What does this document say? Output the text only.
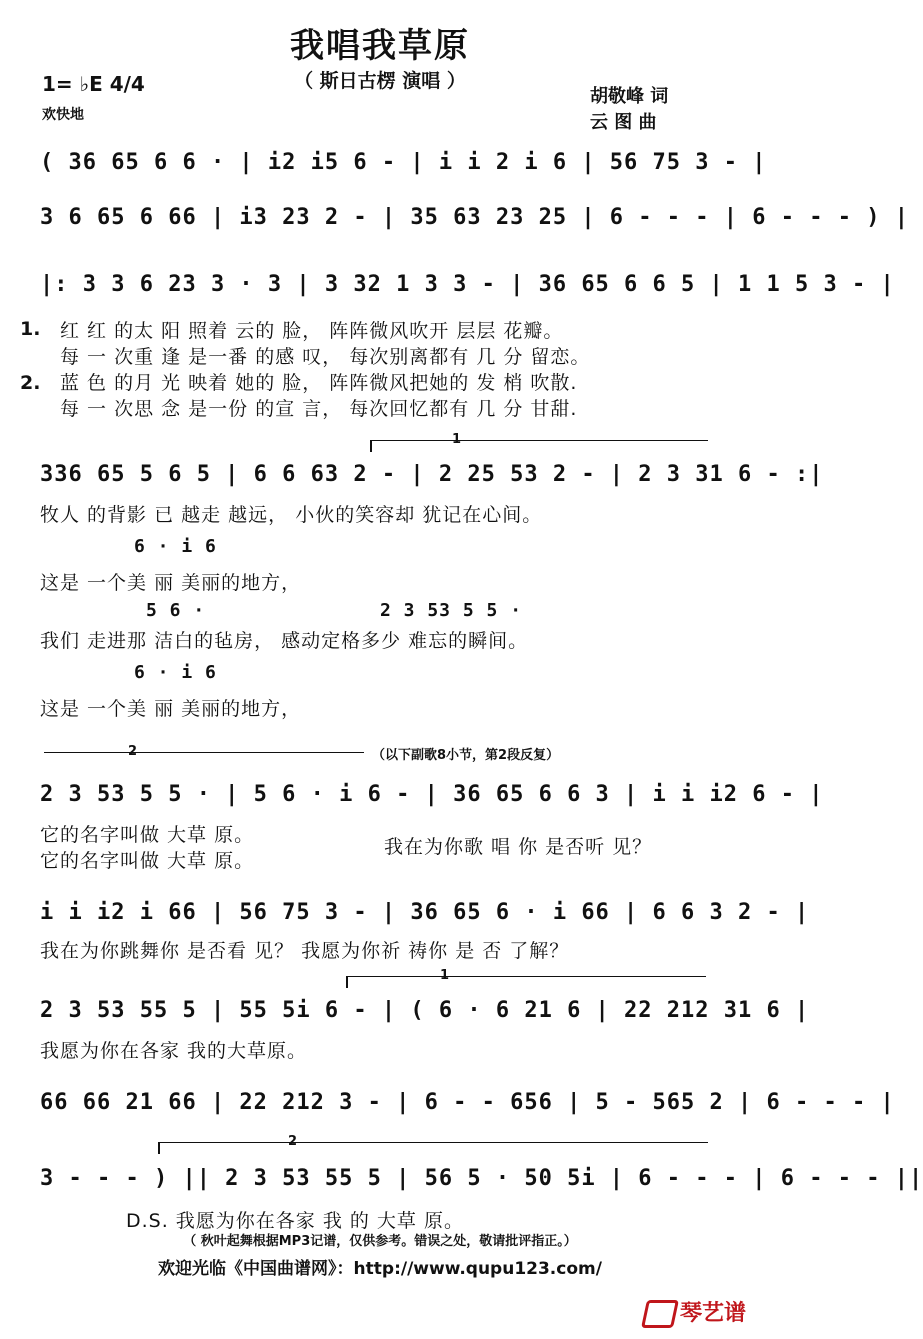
我唱我草原
（ 斯日古楞 演唱 ）
1= ♭E 4/4
欢快地
胡敬峰 词
云 图 曲
( 36 65 6 6 · | i2 i5 6 - | i i 2 i 6 | 56 75 3 - |
3 6 65 6 66 | i3 23 2 - | 35 63 23 25 | 6 - - - | 6 - - - ) |
|: 3 3 6 23 3 · 3 | 3 32 1 3 3 - | 36 65 6 6 5 | 1 1 5 3 - |
1.
2.
红 红 的太 阳 照着 云的 脸， 阵阵微风吹开 层层 花瓣。
每 一 次重 逢 是一番 的感 叹， 每次别离都有 几 分 留恋。
蓝 色 的月 光 映着 她的 脸， 阵阵微风把她的 发 梢 吹散.
每 一 次思 念 是一份 的宣 言， 每次回忆都有 几 分 甘甜.
1
336 65 5 6 5 | 6 6 63 2 - | 2 25 53 2 - | 2 3 31 6 - :|
牧人 的背影 已 越走 越远， 小伙的笑容却 犹记在心间。
6 · i 6
这是 一个美 丽 美丽的地方，
5 6 ·	2 3 53 5 5 ·
我们 走进那 洁白的毡房， 感动定格多少 难忘的瞬间。
6 · i 6
这是 一个美 丽 美丽的地方，
2	（以下副歌8小节，第2段反复）
2 3 53 5 5 · | 5 6 · i 6 - | 36 65 6 6 3 | i i i2 6 - |
它的名字叫做 大草 原。
它的名字叫做 大草 原。
我在为你歌 唱 你 是否听 见？
i i i2 i 66 | 56 75 3 - | 36 65 6 · i 66 | 6 6 3 2 - |
我在为你跳舞你 是否看 见？ 我愿为你祈 祷你 是 否 了解？
1
2 3 53 55 5 | 55 5i 6 - | ( 6 · 6 21 6 | 22 212 31 6 |
我愿为你在各家 我的大草原。
66 66 21 66 | 22 212 3 - | 6 - - 656 | 5 - 565 2 | 6 - - - |
2
3 - - - ) || 2 3 53 55 5 | 56 5 · 50 5i | 6 - - - | 6 - - - ||
D.S. 我愿为你在各家 我 的 大草 原。
（ 秋叶起舞根据MP3记谱，仅供参考。错误之处，敬请批评指正。）
欢迎光临《中国曲谱网》：http://www.qupu123.com/
琴艺谱
